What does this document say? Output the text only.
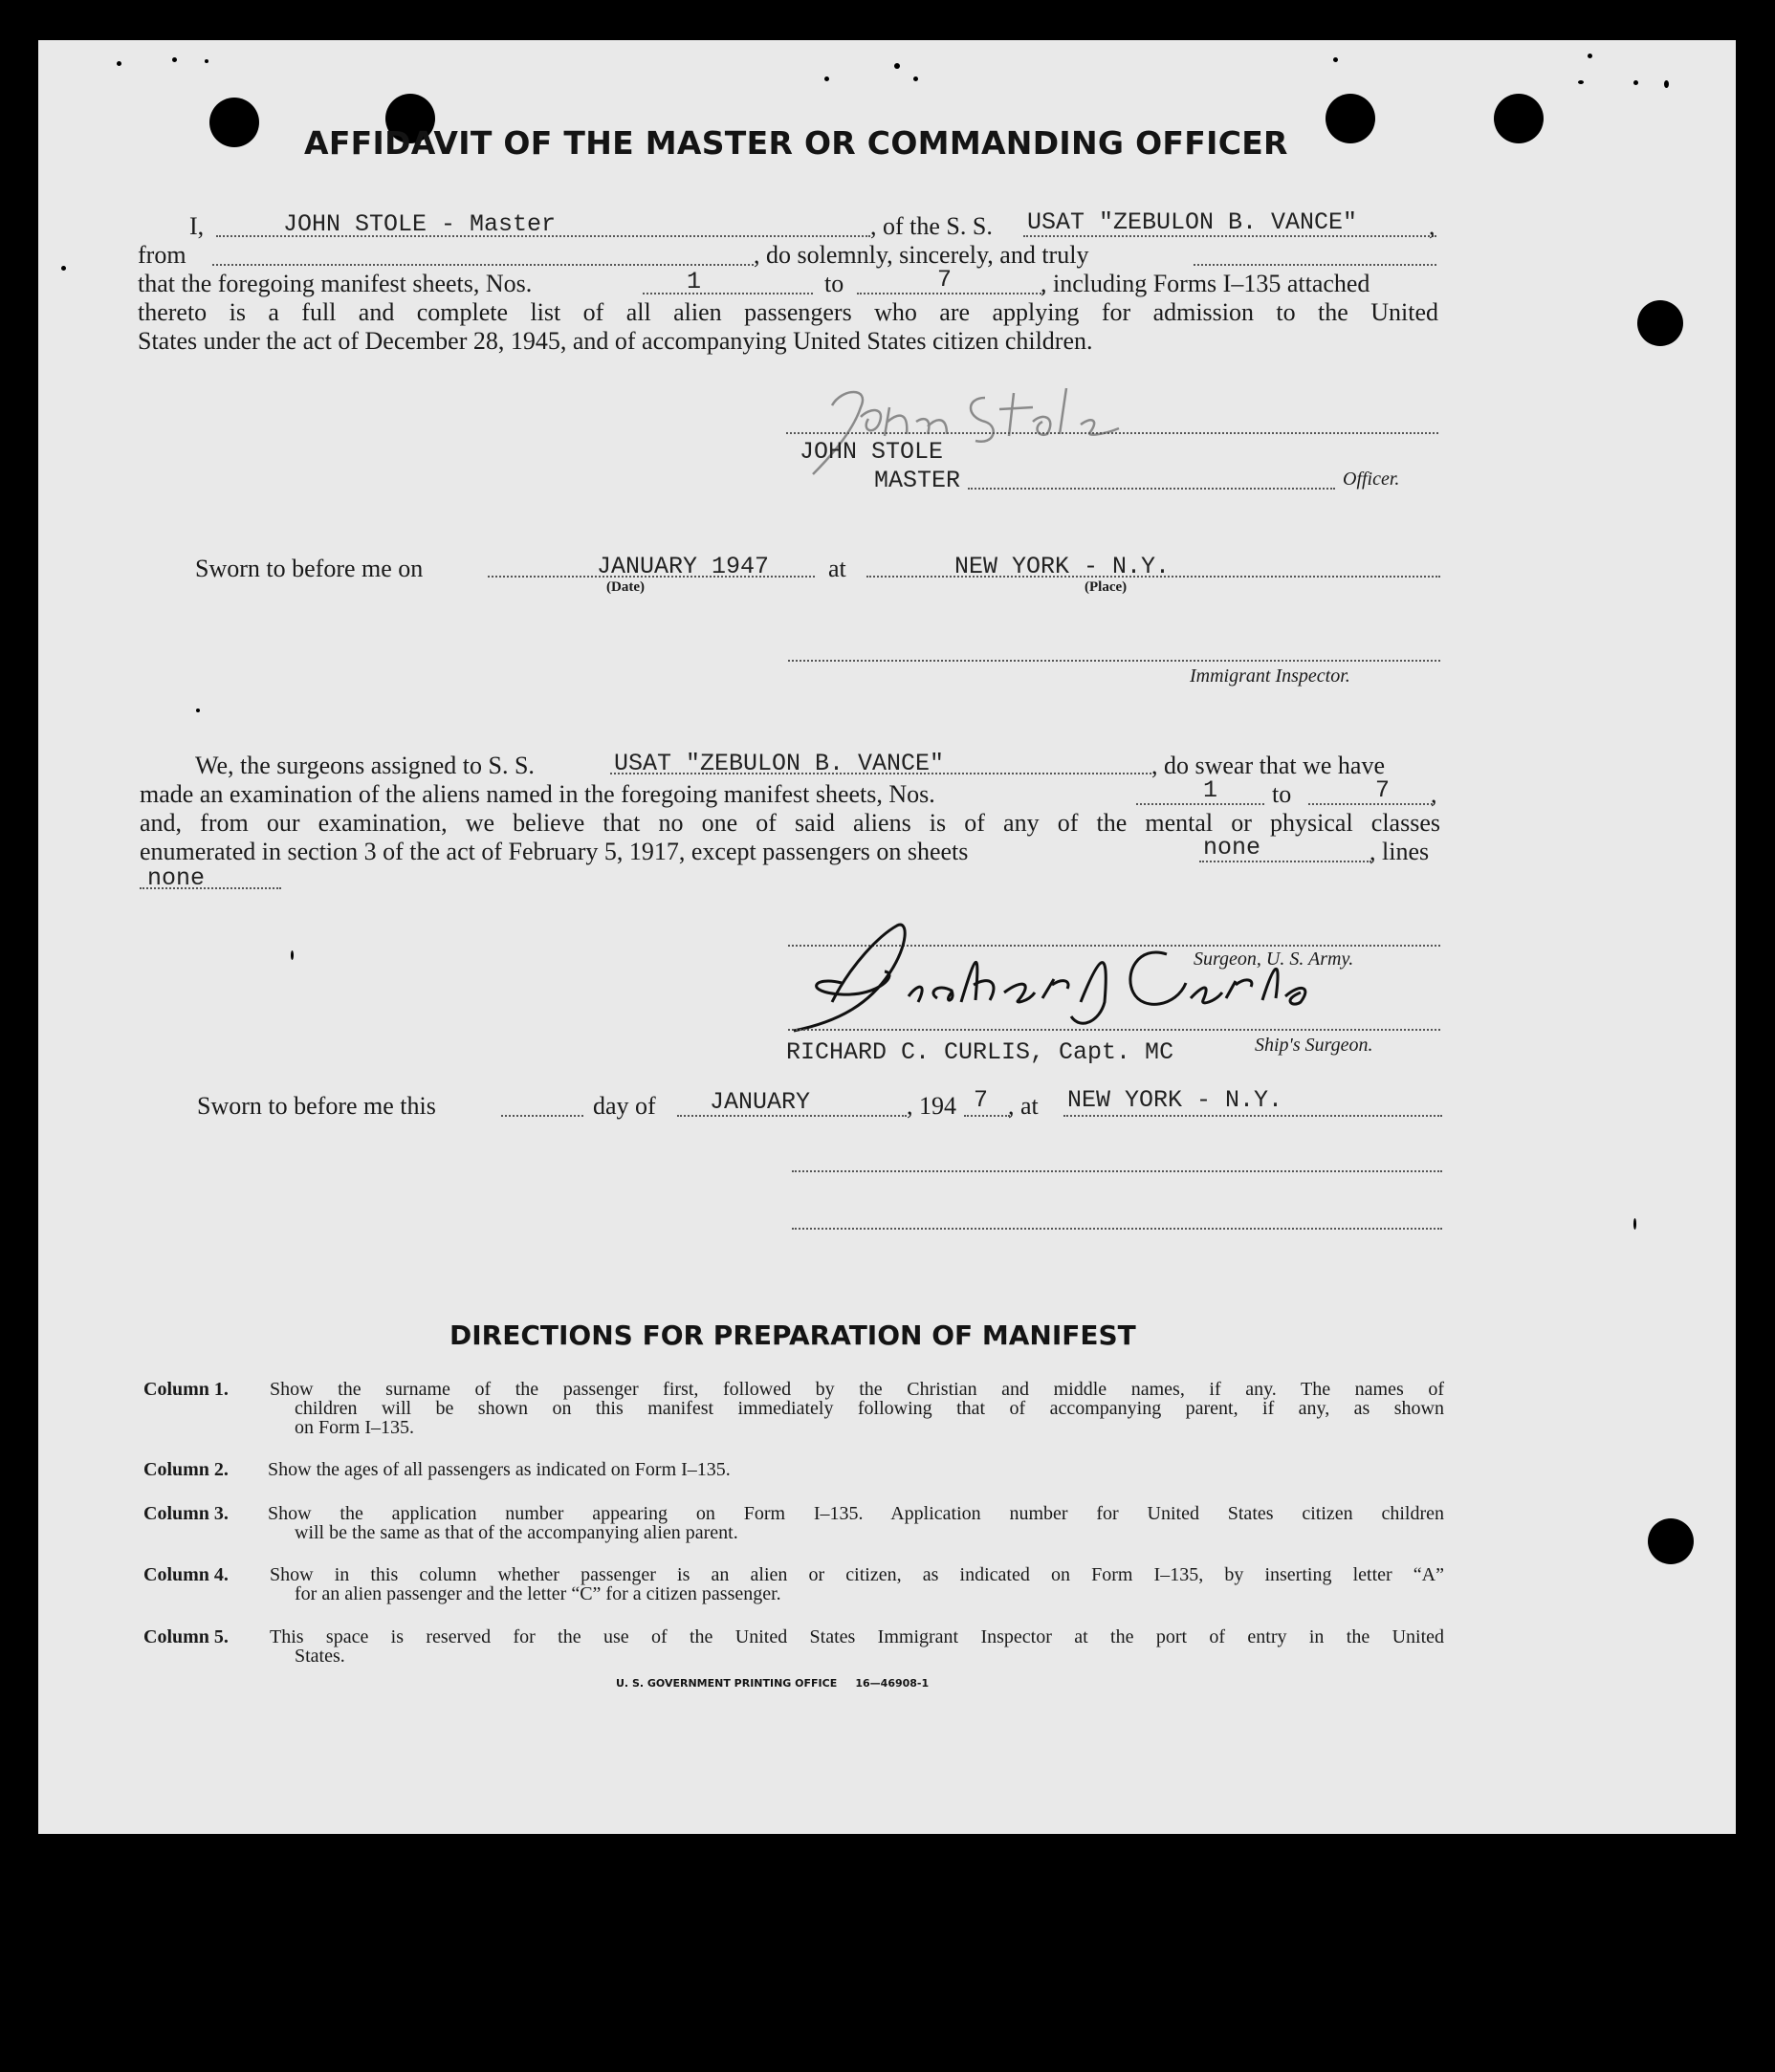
AFFIDAVIT OF THE MASTER OR COMMANDING OFFICER
I,	JOHN STOLE - Master	, of the S. S. USAT "ZEBULON B. VANCE"	,
from	, do solemnly, sincerely, and truly
that the foregoing manifest sheets, Nos.	1	to	7	, including Forms I–135 attached
thereto is a full and complete list of all alien passengers who are applying for admission to the United
States under the act of December 28, 1945, and of accompanying United States citizen children.
JOHN STOLE
MASTER	Officer.
Sworn to before me on	JANUARY 1947
(Date)
at	NEW YORK - N.Y.
(Place)
Immigrant Inspector.
We, the surgeons assigned to S. S.	USAT "ZEBULON B. VANCE"	, do swear that we have
made an examination of the aliens named in the foregoing manifest sheets, Nos.	1 to	7 ,
and, from our examination, we believe that no one of said aliens is of any of the mental or physical classes
enumerated in section 3 of the act of February 5, 1917, except passengers on sheets	none	, lines
none
Surgeon, U. S. Army.
RICHARD C. CURLIS, Capt. MC	Ship's Surgeon.
Sworn to before me this	day of JANUARY	, 194 7 , at NEW YORK - N.Y.
DIRECTIONS FOR PREPARATION OF MANIFEST
Column 1. Show the surname of the passenger first, followed by the Christian and middle names, if any. The names of
children will be shown on this manifest immediately following that of accompanying parent, if any, as shown
on Form I–135.
Column 2. Show the ages of all passengers as indicated on Form I–135.
Column 3. Show the application number appearing on Form I–135. Application number for United States citizen children
will be the same as that of the accompanying alien parent.
Column 4. Show in this column whether passenger is an alien or citizen, as indicated on Form I–135, by inserting letter “A”
for an alien passenger and the letter “C” for a citizen passenger.
Column 5. This space is reserved for the use of the United States Immigrant Inspector at the port of entry in the United
States.
U. S. GOVERNMENT PRINTING OFFICE     16—46908-1
